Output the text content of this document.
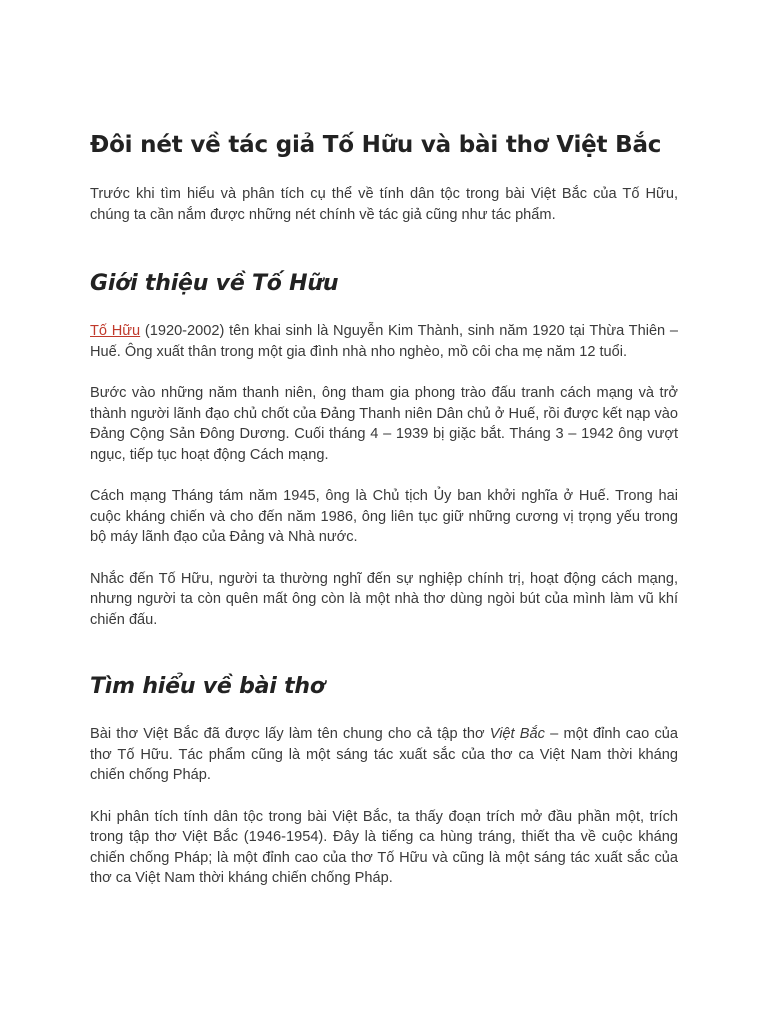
Đôi nét về tác giả Tố Hữu và bài thơ Việt Bắc

Trước khi tìm hiểu và phân tích cụ thể về tính dân tộc trong bài Việt Bắc của Tố Hữu, chúng ta cần nắm được những nét chính về tác giả cũng như tác phẩm.

Giới thiệu về Tố Hữu

Tố Hữu (1920-2002) tên khai sinh là Nguyễn Kim Thành, sinh năm 1920 tại Thừa Thiên – Huế. Ông xuất thân trong một gia đình nhà nho nghèo, mồ côi cha mẹ năm 12 tuổi.

Bước vào những năm thanh niên, ông tham gia phong trào đấu tranh cách mạng và trở thành người lãnh đạo chủ chốt của Đảng Thanh niên Dân chủ ở Huế, rồi được kết nạp vào Đảng Cộng Sản Đông Dương. Cuối tháng 4 – 1939 bị giặc bắt. Tháng 3 – 1942 ông vượt ngục, tiếp tục hoạt động Cách mạng.

Cách mạng Tháng tám năm 1945, ông là Chủ tịch Ủy ban khởi nghĩa ở Huế. Trong hai cuộc kháng chiến và cho đến năm 1986, ông liên tục giữ những cương vị trọng yếu trong bộ máy lãnh đạo của Đảng và Nhà nước.

Nhắc đến Tố Hữu, người ta thường nghĩ đến sự nghiệp chính trị, hoạt động cách mạng, nhưng người ta còn quên mất ông còn là một nhà thơ dùng ngòi bút của mình làm vũ khí chiến đấu.

Tìm hiểu về bài thơ

Bài thơ Việt Bắc đã được lấy làm tên chung cho cả tập thơ Việt Bắc – một đỉnh cao của thơ Tố Hữu. Tác phẩm cũng là một sáng tác xuất sắc của thơ ca Việt Nam thời kháng chiến chống Pháp.

Khi phân tích tính dân tộc trong bài Việt Bắc, ta thấy đoạn trích mở đầu phần một, trích trong tập thơ Việt Bắc (1946-1954). Đây là tiếng ca hùng tráng, thiết tha về cuộc kháng chiến chống Pháp; là một đỉnh cao của thơ Tố Hữu và cũng là một sáng tác xuất sắc của thơ ca Việt Nam thời kháng chiến chống Pháp.
